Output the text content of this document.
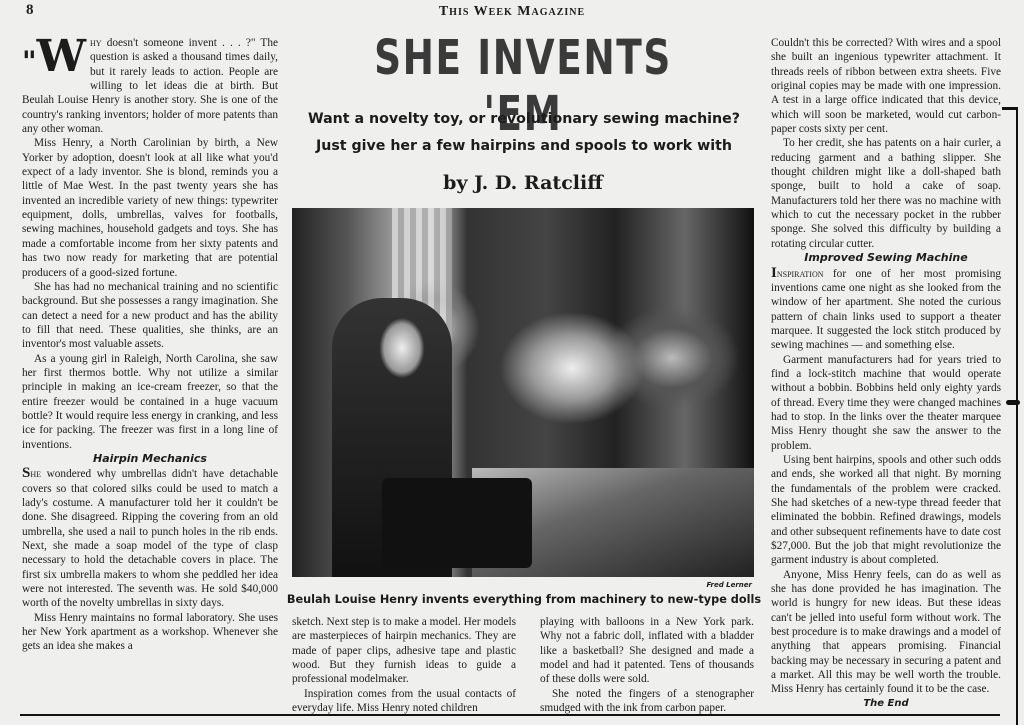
8	This Week Magazine

"W hy doesn't someone invent . . . ?" The question is asked a thousand times daily, but it rarely leads to action. People are willing to let ideas die at birth. But Beulah Louise Henry is another story. She is one of the country's ranking inventors; holder of more patents than any other woman.

Miss Henry, a North Carolinian by birth, a New Yorker by adoption, doesn't look at all like what you'd expect of a lady inventor. She is blond, reminds you a little of Mae West. In the past twenty years she has invented an incredible variety of new things: typewriter equipment, dolls, umbrellas, valves for footballs, sewing machines, household gadgets and toys. She has made a comfortable income from her sixty patents and has two now ready for marketing that are potential producers of a good-sized fortune.

She has had no mechanical training and no scientific background. But she possesses a rangy imagination. She can detect a need for a new product and has the ability to fill that need. These qualities, she thinks, are an inventor's most valuable assets.

As a young girl in Raleigh, North Carolina, she saw her first thermos bottle. Why not utilize a similar principle in making an ice-cream freezer, so that the entire freezer would be contained in a huge vacuum bottle? It would require less energy in cranking, and less ice for packing. The freezer was first in a long line of inventions.

Hairpin Mechanics

She wondered why umbrellas didn't have detachable covers so that colored silks could be used to match a lady's costume. A manufacturer told her it couldn't be done. She disagreed. Ripping the covering from an old umbrella, she used a nail to punch holes in the rib ends. Next, she made a soap model of the type of clasp necessary to hold the detachable covers in place. The first six umbrella makers to whom she peddled her idea were not interested. The seventh was. He sold $40,000 worth of the novelty umbrellas in sixty days.

Miss Henry maintains no formal laboratory. She uses her New York apartment as a workshop. Whenever she gets an idea she makes a

SHE INVENTS 'EM
Want a novelty toy, or revolutionary sewing machine?
Just give her a few hairpins and spools to work with
by J. D. Ratcliff
Fred Lerner
Beulah Louise Henry invents everything from machinery to new-type dolls

sketch. Next step is to make a model. Her models are masterpieces of hairpin mechanics. They are made of paper clips, adhesive tape and plastic wood. But they furnish ideas to guide a professional modelmaker.

Inspiration comes from the usual contacts of everyday life. Miss Henry noted children

playing with balloons in a New York park. Why not a fabric doll, inflated with a bladder like a basketball? She designed and made a model and had it patented. Tens of thousands of these dolls were sold.

She noted the fingers of a stenographer smudged with the ink from carbon paper.

Couldn't this be corrected? With wires and a spool she built an ingenious typewriter attachment. It threads reels of ribbon between extra sheets. Five original copies may be made with one impression. A test in a large office indicated that this device, which will soon be marketed, would cut carbon-paper costs sixty per cent.

To her credit, she has patents on a hair curler, a reducing garment and a bathing slipper. She thought children might like a doll-shaped bath sponge, built to hold a cake of soap. Manufacturers told her there was no machine with which to cut the necessary pocket in the rubber sponge. She solved this difficulty by building a rotating circular cutter.

Improved Sewing Machine

Inspiration for one of her most promising inventions came one night as she looked from the window of her apartment. She noted the curious pattern of chain links used to support a theater marquee. It suggested the lock stitch produced by sewing machines — and something else.

Garment manufacturers had for years tried to find a lock-stitch machine that would operate without a bobbin. Bobbins held only eighty yards of thread. Every time they were changed machines had to stop. In the links over the theater marquee Miss Henry thought she saw the answer to the problem.

Using bent hairpins, spools and other such odds and ends, she worked all that night. By morning the fundamentals of the problem were cracked. She had sketches of a new-type thread feeder that eliminated the bobbin. Refined drawings, models and other subsequent refinements have to date cost $27,000. But the job that might revolutionize the garment industry is about completed.

Anyone, Miss Henry feels, can do as well as she has done provided he has imagination. The world is hungry for new ideas. But these ideas can't be jelled into useful form without work. The best procedure is to make drawings and a model of anything that appears promising. Financial backing may be necessary in securing a patent and a market. All this may be well worth the trouble. Miss Henry has certainly found it to be the case.

The End
